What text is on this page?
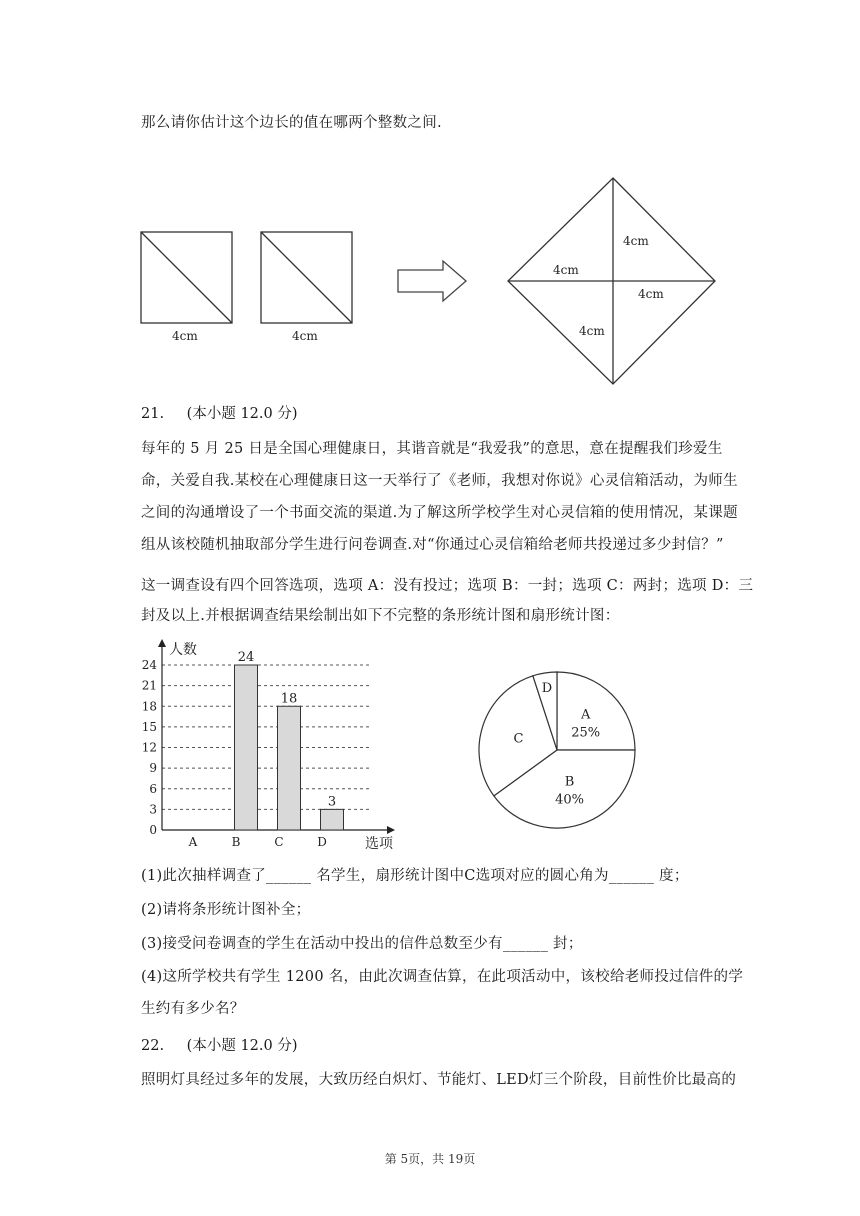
那么请你估计这个边长的值在哪两个整数之间.
4cm	4cm
4cm
4cm
4cm
4cm
21. (本小题 12.0 分)
每年的 5 月 25 日是全国心理健康日，其谐音就是“我爱我”的意思，意在提醒我们珍爱生
命，关爱自我.某校在心理健康日这一天举行了《老师，我想对你说》心灵信箱活动，为师生
之间的沟通增设了一个书面交流的渠道.为了解这所学校学生对心灵信箱的使用情况，某课题
组从该校随机抽取部分学生进行问卷调查.对“你通过心灵信箱给老师共投递过多少封信？”
这一调查设有四个回答选项，选项 A：没有投过；选项 B：一封；选项 C：两封；选项 D：三
封及以上.并根据调查结果绘制出如下不完整的条形统计图和扇形统计图：
0
3
6
9
12
15
18
21
24
人数
选项
A	B
24
C
18
D
3
A
25%
B
40%
C
D
(1)此次抽样调查了______ 名学生，扇形统计图中C选项对应的圆心角为______ 度；
(2)请将条形统计图补全；
(3)接受问卷调查的学生在活动中投出的信件总数至少有______ 封；
(4)这所学校共有学生 1200 名，由此次调查估算，在此项活动中，该校给老师投过信件的学
生约有多少名？
22. (本小题 12.0 分)
照明灯具经过多年的发展，大致历经白炽灯、节能灯、LED灯三个阶段，目前性价比最高的
第 5页，共 19页
